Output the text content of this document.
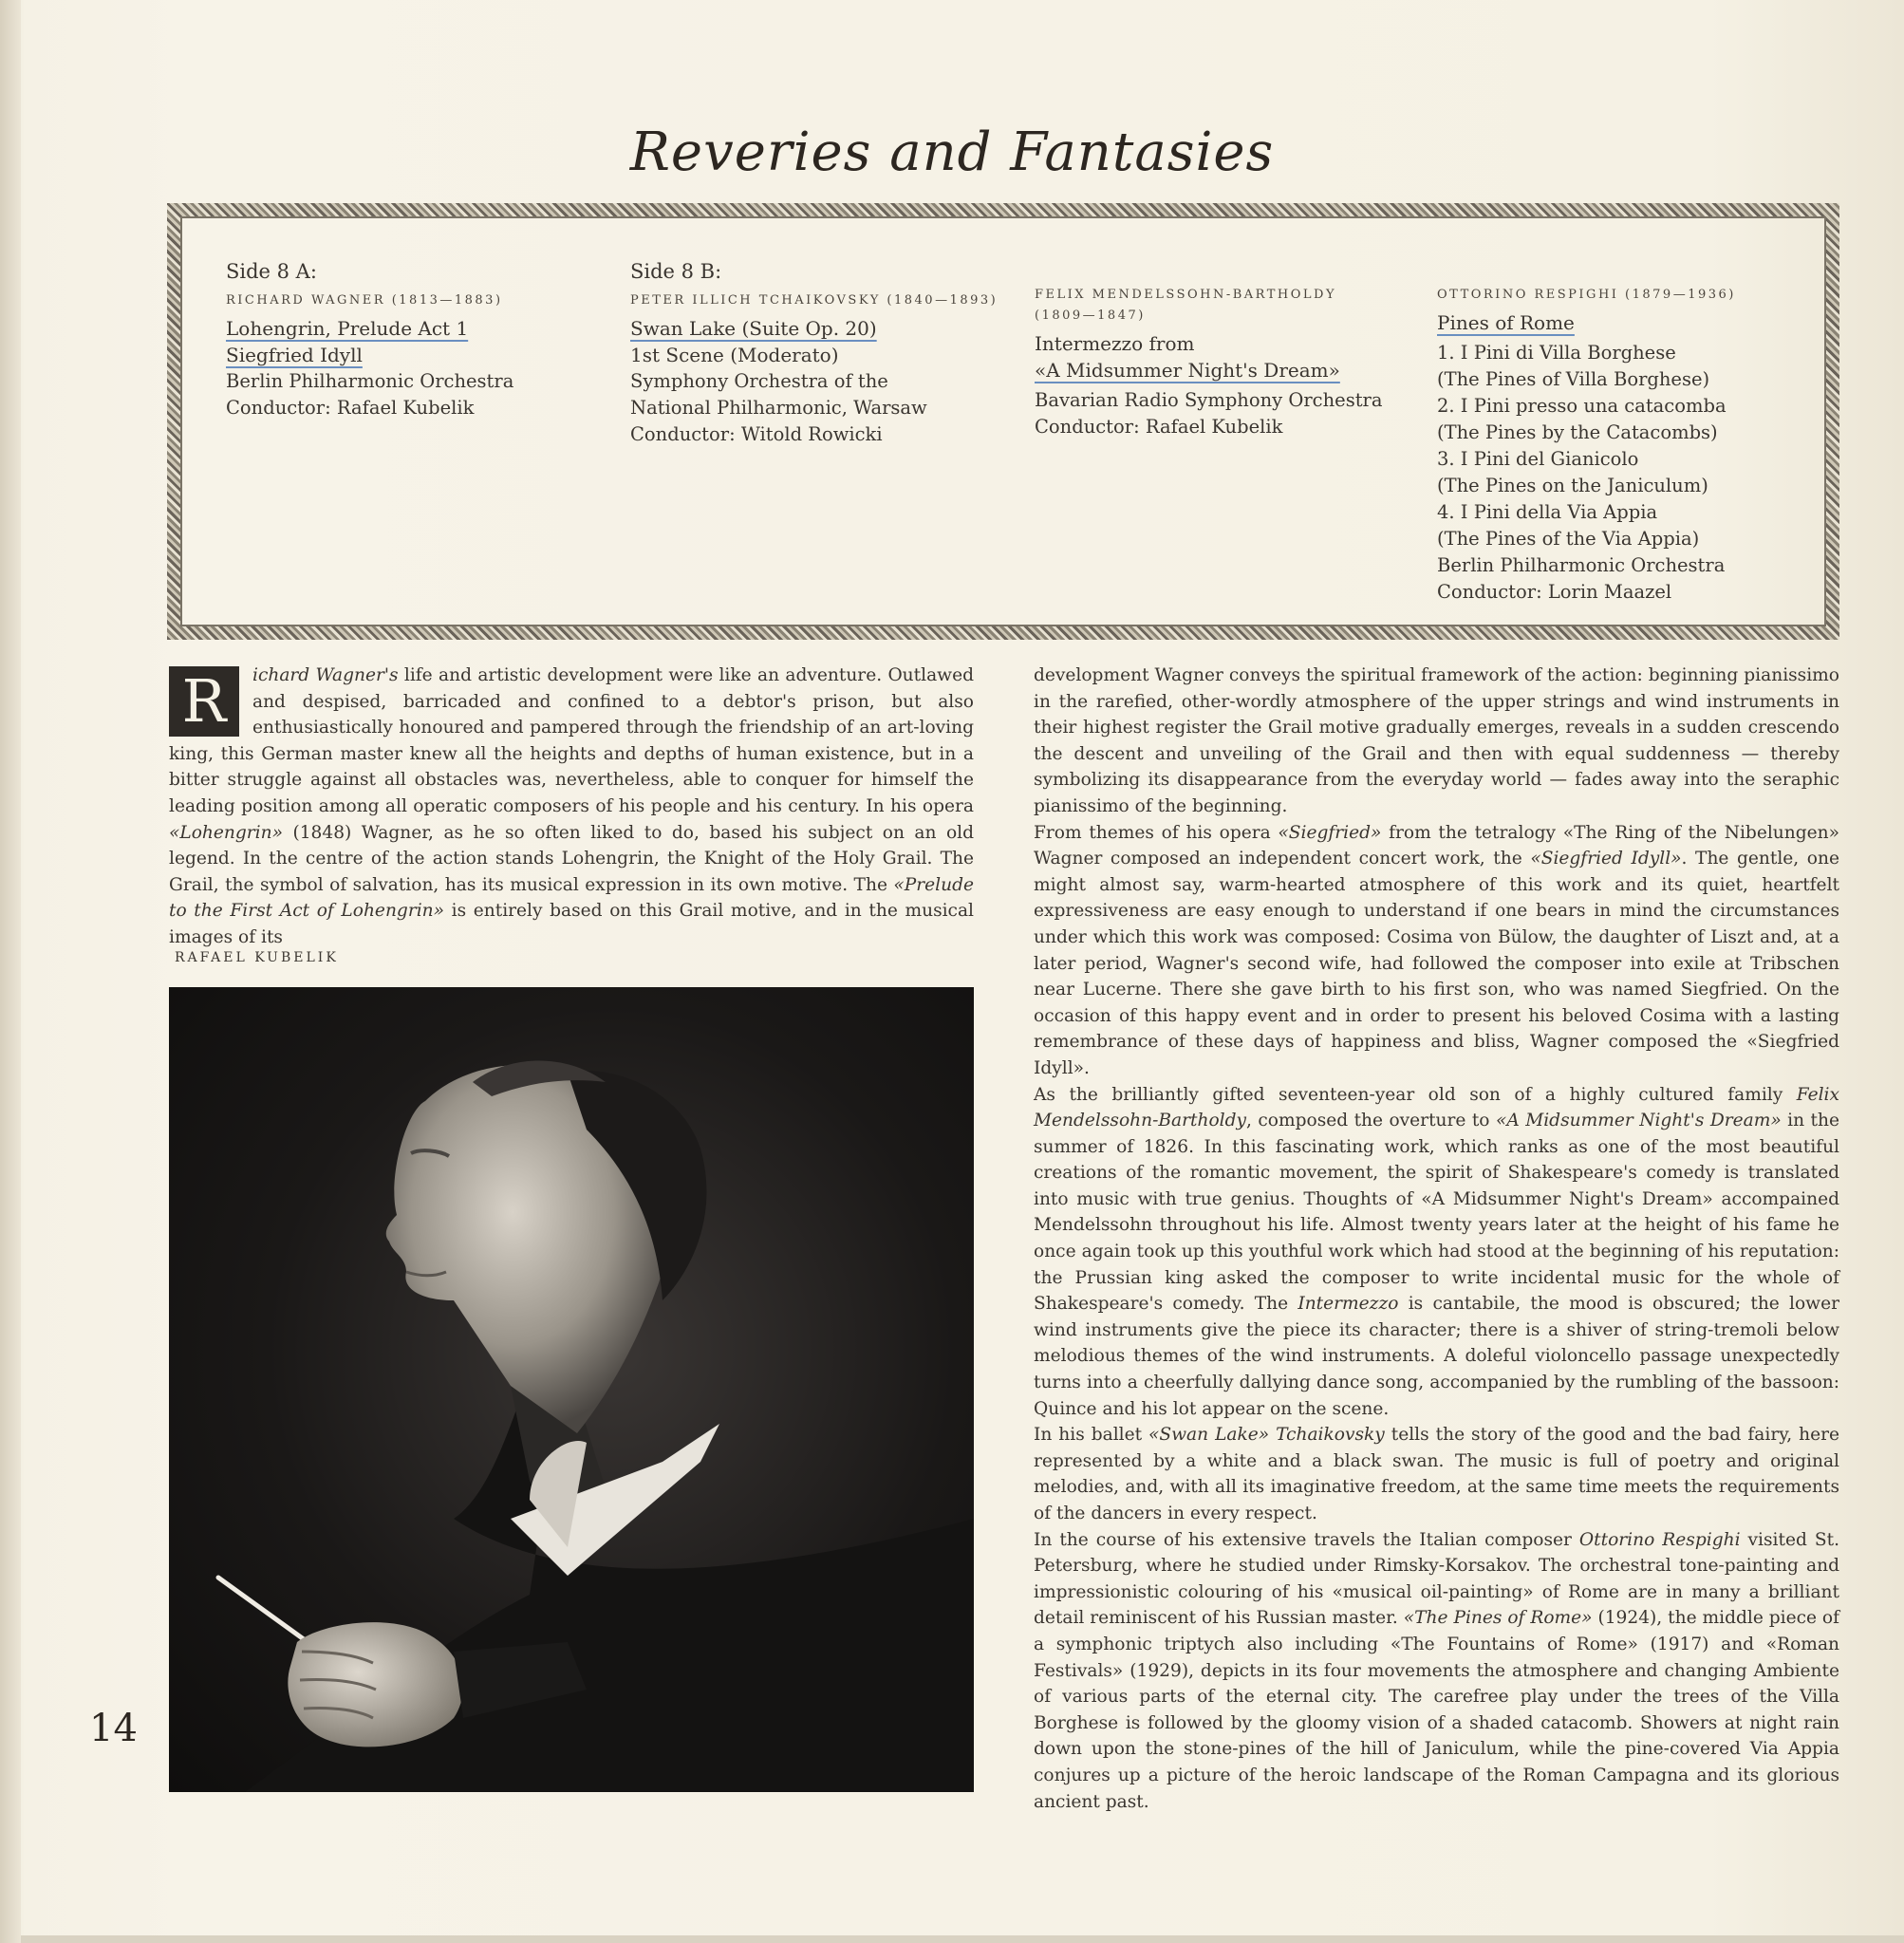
Reveries and Fantasies
Side 8 A:
RICHARD WAGNER (1813—1883)
Lohengrin, Prelude Act 1
Siegfried Idyll
Berlin Philharmonic Orchestra
Conductor: Rafael Kubelik
Side 8 B:
PETER ILLICH TCHAIKOVSKY (1840—1893)
Swan Lake (Suite Op. 20)
1st Scene (Moderato)
Symphony Orchestra of the
National Philharmonic, Warsaw
Conductor: Witold Rowicki
FELIX MENDELSSOHN-BARTHOLDY
(1809—1847)
Intermezzo from
«A Midsummer Night's Dream»
Bavarian Radio Symphony Orchestra
Conductor: Rafael Kubelik
OTTORINO RESPIGHI (1879—1936)
Pines of Rome
1. I Pini di Villa Borghese
(The Pines of Villa Borghese)
2. I Pini presso una catacomba
(The Pines by the Catacombs)
3. I Pini del Gianicolo
(The Pines on the Janiculum)
4. I Pini della Via Appia
(The Pines of the Via Appia)
Berlin Philharmonic Orchestra
Conductor: Lorin Maazel

R	ichard Wagner's life and artistic development were like an adventure. Outlawed and despised, barricaded and confined to a debtor's prison, but also enthusiastically honoured and pampered through the friendship of an art-loving king, this German master knew all the heights and depths of human existence, but in a bitter struggle against all obstacles was, nevertheless, able to conquer for himself the leading position among all operatic composers of his people and his century. In his opera «Lohengrin» (1848) Wagner, as he so often liked to do, based his subject on an old legend. In the centre of the action stands Lohengrin, the Knight of the Holy Grail. The Grail, the symbol of salvation, has its musical expression in its own motive. The «Prelude to the First Act of Lohengrin» is entirely based on this Grail motive, and in the musical images of its

RAFAEL KUBELIK

development Wagner conveys the spiritual framework of the action: beginning pianissimo in the rarefied, other-wordly atmosphere of the upper strings and wind instruments in their highest register the Grail motive gradually emerges, reveals in a sudden crescendo the descent and unveiling of the Grail and then with equal suddenness — thereby symbolizing its disappearance from the everyday world — fades away into the seraphic pianissimo of the beginning.

From themes of his opera «Siegfried» from the tetralogy «The Ring of the Nibelungen» Wagner composed an independent concert work, the «Siegfried Idyll». The gentle, one might almost say, warm-hearted atmosphere of this work and its quiet, heartfelt expressiveness are easy enough to understand if one bears in mind the circumstances under which this work was composed: Cosima von Bülow, the daughter of Liszt and, at a later period, Wagner's second wife, had followed the composer into exile at Tribschen near Lucerne. There she gave birth to his first son, who was named Siegfried. On the occasion of this happy event and in order to present his beloved Cosima with a lasting remembrance of these days of happiness and bliss, Wagner composed the «Siegfried Idyll».

As the brilliantly gifted seventeen-year old son of a highly cultured family Felix Mendelssohn-Bartholdy, composed the overture to «A Midsummer Night's Dream» in the summer of 1826. In this fascinating work, which ranks as one of the most beautiful creations of the romantic movement, the spirit of Shakespeare's comedy is translated into music with true genius. Thoughts of «A Midsummer Night's Dream» accompained Mendelssohn throughout his life. Almost twenty years later at the height of his fame he once again took up this youthful work which had stood at the beginning of his reputation: the Prussian king asked the composer to write incidental music for the whole of Shakespeare's comedy. The Intermezzo is cantabile, the mood is obscured; the lower wind instruments give the piece its character; there is a shiver of string-tremoli below melodious themes of the wind instruments. A doleful violoncello passage unexpectedly turns into a cheerfully dallying dance song, accompanied by the rumbling of the bassoon: Quince and his lot appear on the scene.

In his ballet «Swan Lake» Tchaikovsky tells the story of the good and the bad fairy, here represented by a white and a black swan. The music is full of poetry and original melodies, and, with all its imaginative freedom, at the same time meets the requirements of the dancers in every respect.

In the course of his extensive travels the Italian composer Ottorino Respighi visited St. Petersburg, where he studied under Rimsky-Korsakov. The orchestral tone-painting and impressionistic colouring of his «musical oil-painting» of Rome are in many a brilliant detail reminiscent of his Russian master. «The Pines of Rome» (1924), the middle piece of a symphonic triptych also including «The Fountains of Rome» (1917) and «Roman Festivals» (1929), depicts in its four movements the atmosphere and changing Ambiente of various parts of the eternal city. The carefree play under the trees of the Villa Borghese is followed by the gloomy vision of a shaded catacomb. Showers at night rain down upon the stone-pines of the hill of Janiculum, while the pine-covered Via Appia conjures up a picture of the heroic landscape of the Roman Campagna and its glorious ancient past.

14
